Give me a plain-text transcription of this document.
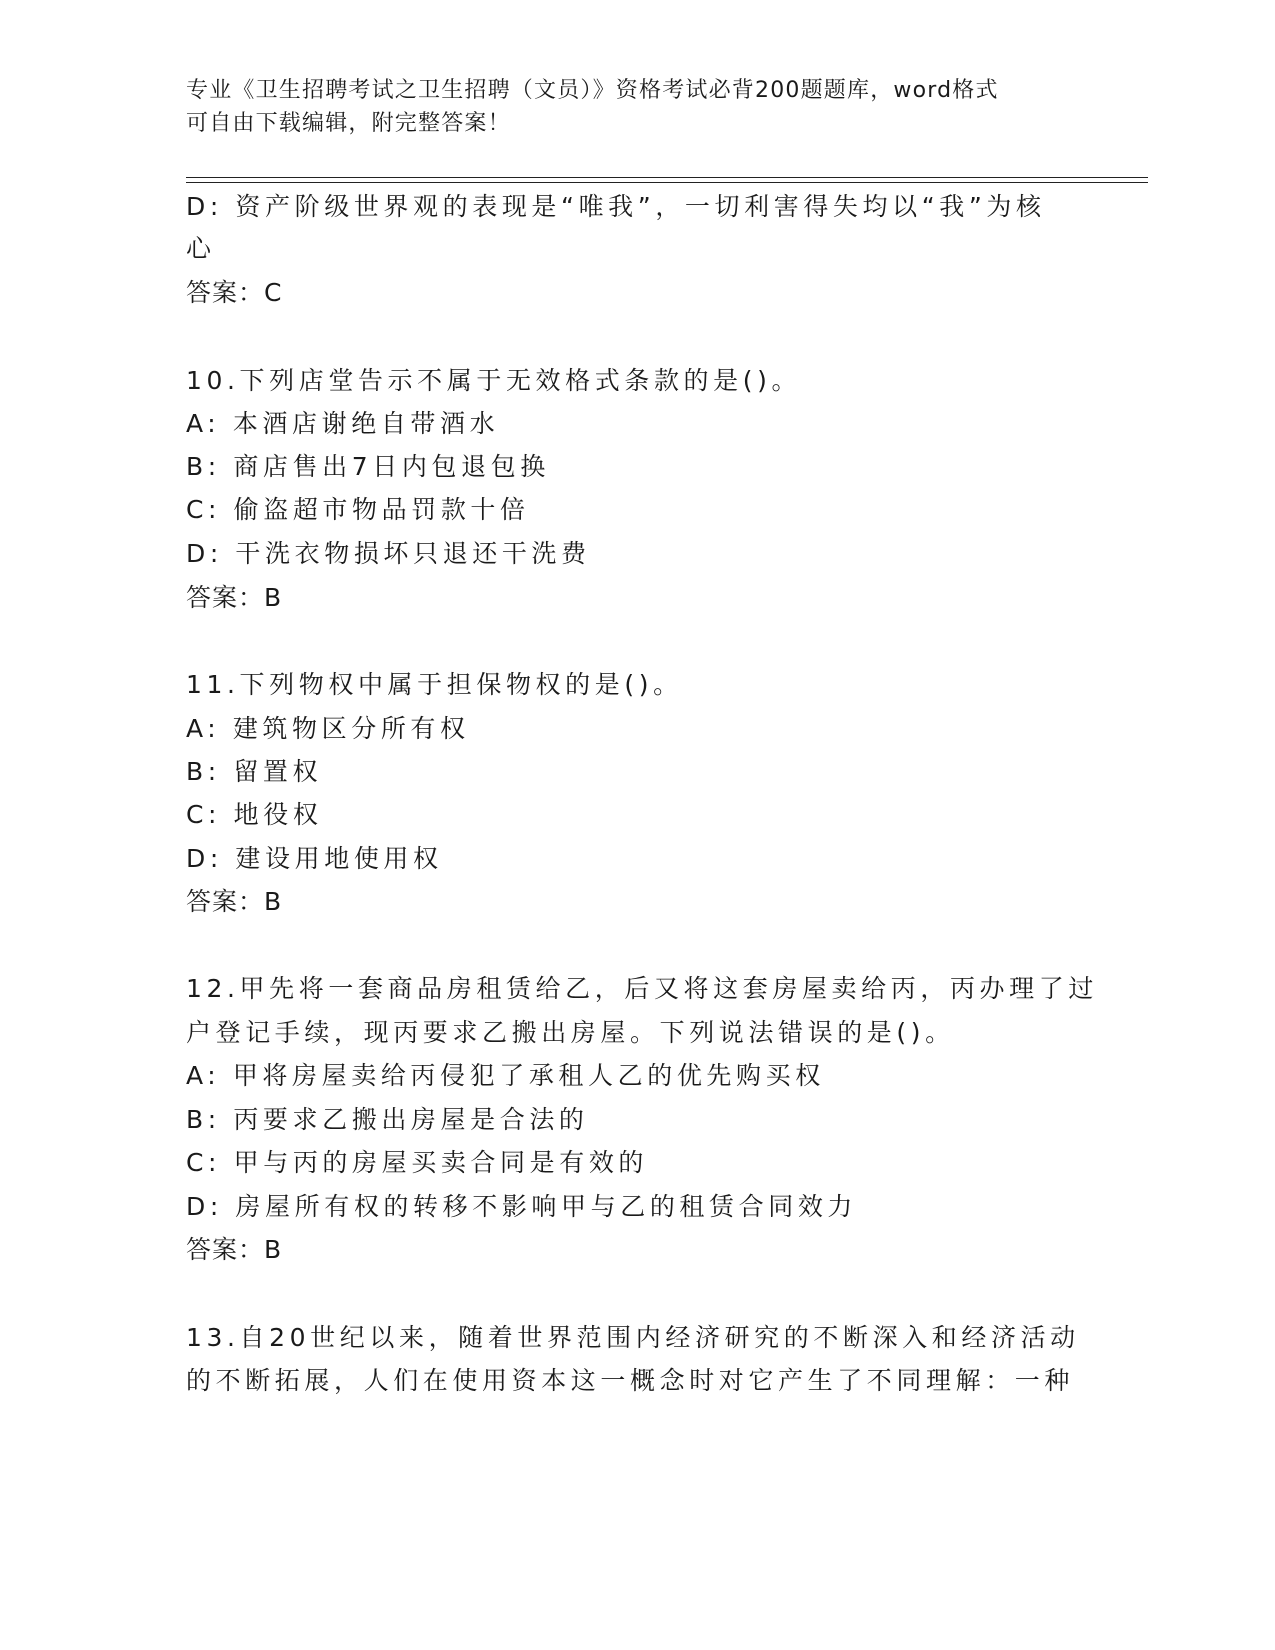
专业《卫生招聘考试之卫生招聘（文员）》资格考试必背200题题库，word格式
可自由下载编辑，附完整答案！
D: 资产阶级世界观的表现是“唯我”，一切利害得失均以“我”为核
心
答案：C
10.下列店堂告示不属于无效格式条款的是()。
A: 本酒店谢绝自带酒水
B: 商店售出7日内包退包换
C: 偷盗超市物品罚款十倍
D: 干洗衣物损坏只退还干洗费
答案：B
11.下列物权中属于担保物权的是()。
A: 建筑物区分所有权
B: 留置权
C: 地役权
D: 建设用地使用权
答案：B
12.甲先将一套商品房租赁给乙，后又将这套房屋卖给丙，丙办理了过
户登记手续，现丙要求乙搬出房屋。下列说法错误的是()。
A: 甲将房屋卖给丙侵犯了承租人乙的优先购买权
B: 丙要求乙搬出房屋是合法的
C: 甲与丙的房屋买卖合同是有效的
D: 房屋所有权的转移不影响甲与乙的租赁合同效力
答案：B
13.自20世纪以来，随着世界范围内经济研究的不断深入和经济活动
的不断拓展，人们在使用资本这一概念时对它产生了不同理解：一种
